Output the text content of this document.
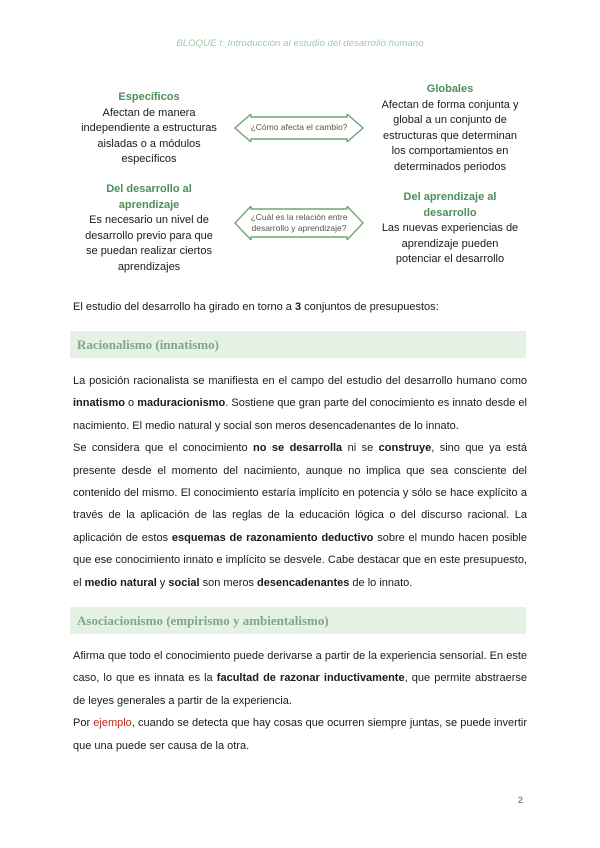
BLOQUE I: Introducción al estudio del desarrollo humano
Específicos
Afectan de manera
independiente a estructuras
aisladas o a módulos
específicos
Globales
Afectan de forma conjunta y
global a un conjunto de
estructuras que determinan
los comportamientos en
determinados periodos
Del desarrollo al
aprendizaje
Es necesario un nivel de
desarrollo previo para que
se puedan realizar ciertos
aprendizajes
Del aprendizaje al
desarrollo
Las nuevas experiencias de
aprendizaje pueden
potenciar el desarrollo
¿Cómo afecta el cambio?
¿Cuál es la relación entre
desarrollo y aprendizaje?
El estudio del desarrollo ha girado en torno a 3 conjuntos de presupuestos:
Racionalismo (innatismo)

La posición racionalista se manifiesta en el campo del estudio del desarrollo humano como innatismo o maduracionismo. Sostiene que gran parte del conocimiento es innato desde el nacimiento. El medio natural y social son meros desencadenantes de lo innato.

Se considera que el conocimiento no se desarrolla ni se construye, sino que ya está presente desde el momento del nacimiento, aunque no implica que sea consciente del contenido del mismo. El conocimiento estaría implícito en potencia y sólo se hace explícito a través de la aplicación de las reglas de la educación lógica o del discurso racional. La aplicación de estos esquemas de razonamiento deductivo sobre el mundo hacen posible que ese conocimiento innato e implícito se desvele. Cabe destacar que en este presupuesto, el medio natural y social son meros desencadenantes de lo innato.

Asociacionismo (empirismo y ambientalismo)

Afirma que todo el conocimiento puede derivarse a partir de la experiencia sensorial. En este caso, lo que es innata es la facultad de razonar inductivamente, que permite abstraerse de leyes generales a partir de la experiencia.

Por ejemplo, cuando se detecta que hay cosas que ocurren siempre juntas, se puede invertir que una puede ser causa de la otra.

2
